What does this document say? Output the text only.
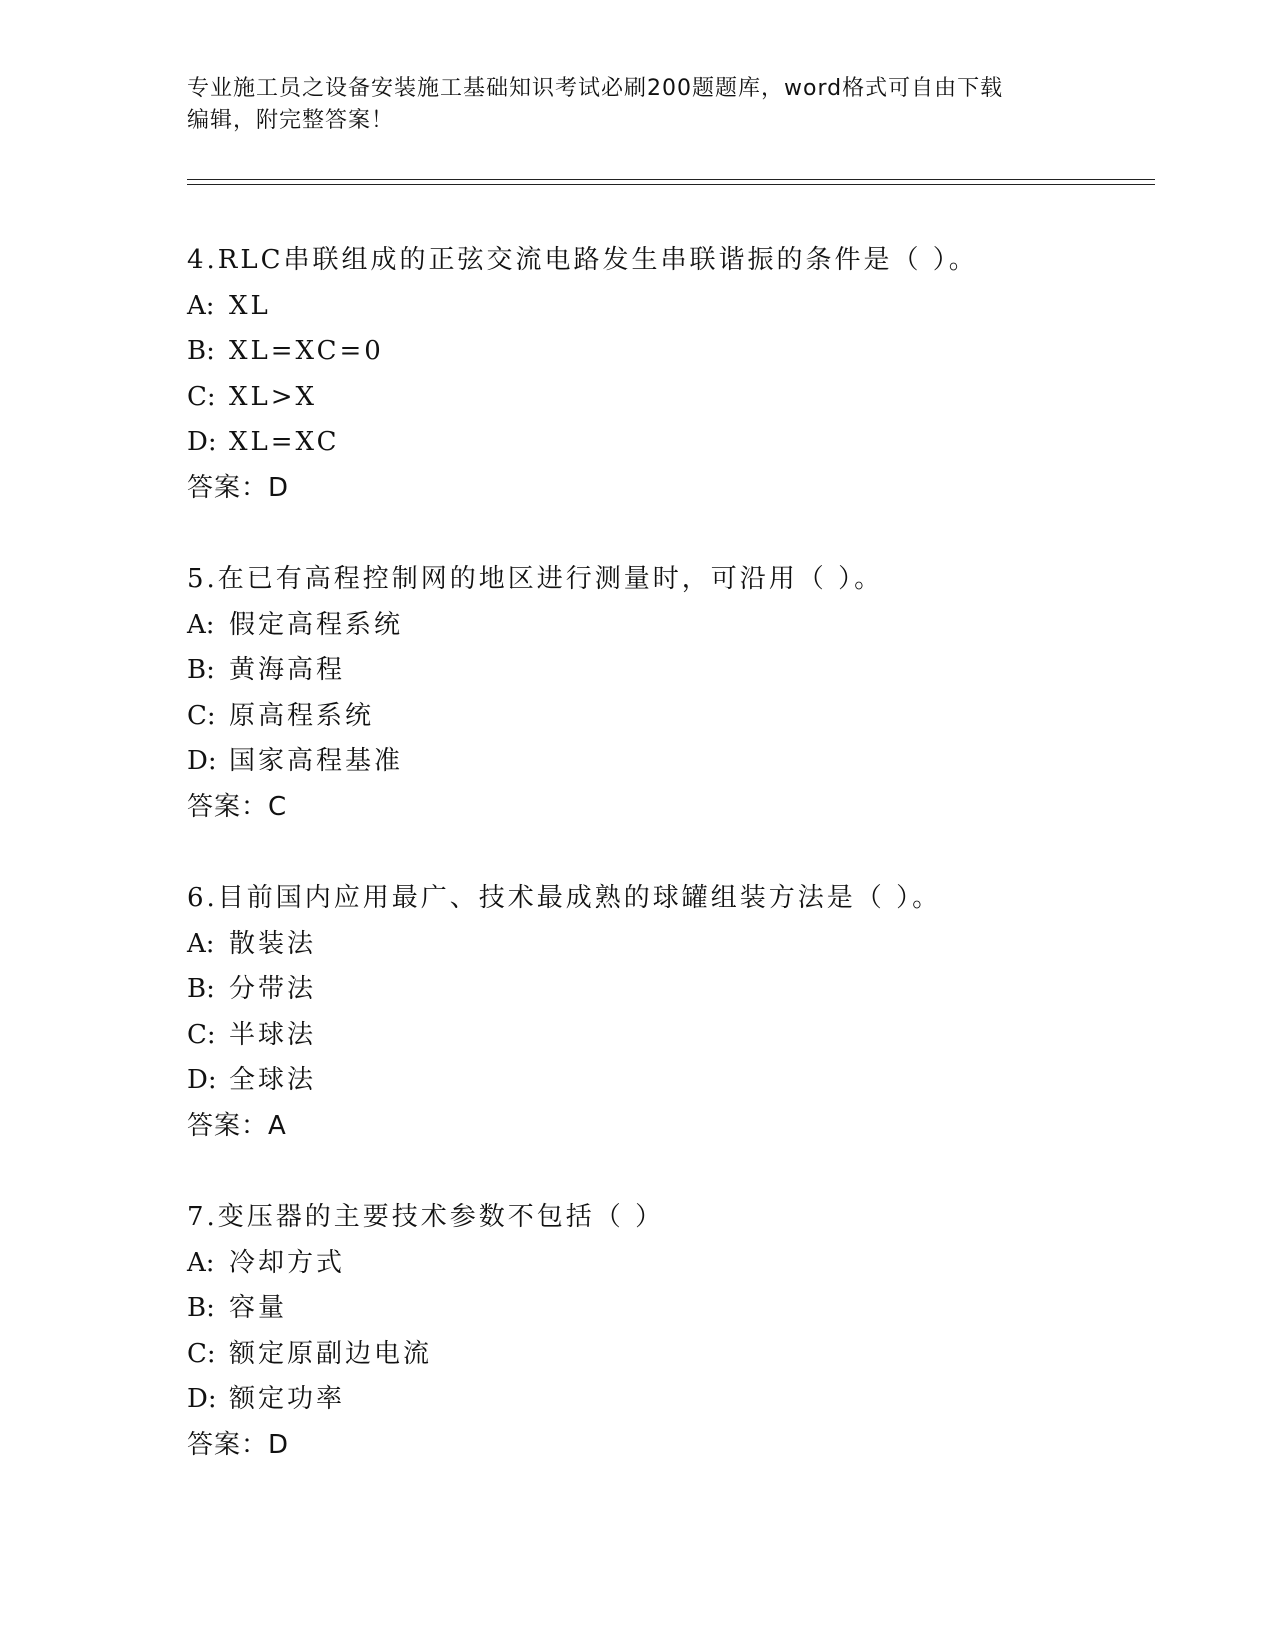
专业施工员之设备安装施工基础知识考试必刷200题题库，word格式可自由下载
编辑，附完整答案！
4.RLC串联组成的正弦交流电路发生串联谐振的条件是（ ）。
A: XL
B: XL=XC=0
C: XL>X
D: XL=XC
答案：D
5.在已有高程控制网的地区进行测量时，可沿用（ ）。
A: 假定高程系统
B: 黄海高程
C: 原高程系统
D: 国家高程基准
答案：C
6.目前国内应用最广、技术最成熟的球罐组装方法是（ ）。
A: 散装法
B: 分带法
C: 半球法
D: 全球法
答案：A
7.变压器的主要技术参数不包括（ ）
A: 冷却方式
B: 容量
C: 额定原副边电流
D: 额定功率
答案：D
